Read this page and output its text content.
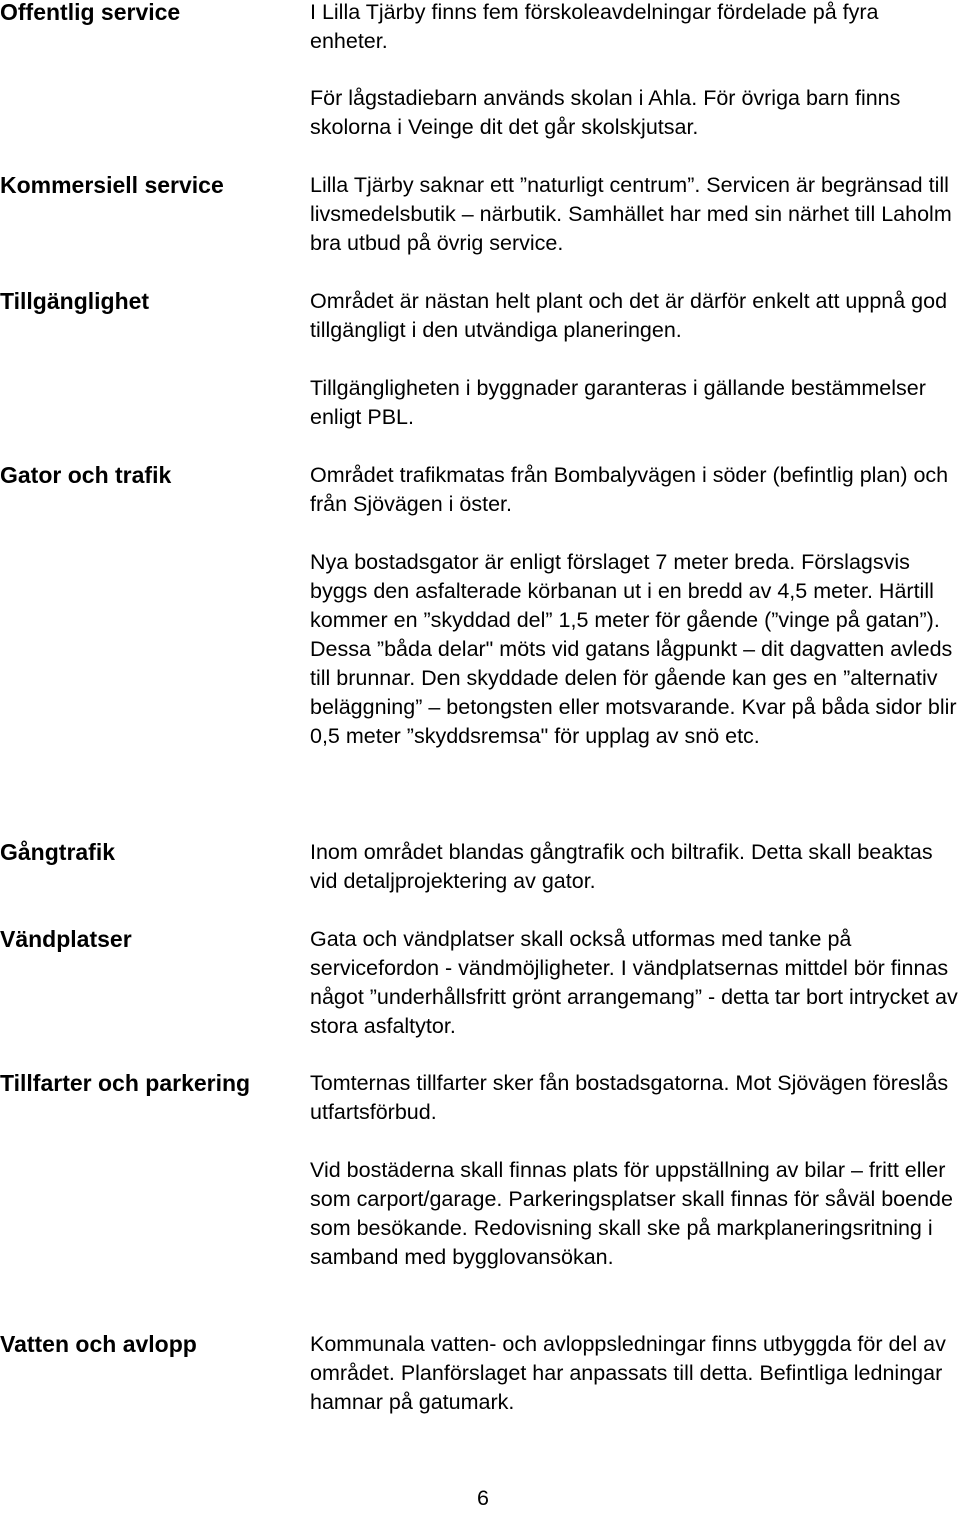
Offentlig service	I Lilla Tjärby finns fem förskoleavdelningar fördelade på fyra enheter.
För lågstadiebarn används skolan i Ahla. För övriga barn finns skolorna i Veinge dit det går skolskjutsar.
Kommersiell service	Lilla Tjärby saknar ett ”naturligt centrum”. Servicen är begränsad till livsmedelsbutik – närbutik. Samhället har med sin närhet till Laholm bra utbud på övrig service.
Tillgänglighet	Området är nästan helt plant och det är därför enkelt att uppnå god tillgängligt i den utvändiga planeringen.
Tillgängligheten i byggnader garanteras i gällande bestämmelser enligt PBL.
Gator och trafik	Området trafikmatas från Bombalyvägen i söder (befintlig plan) och från Sjövägen i öster.
Nya bostadsgator är enligt förslaget 7 meter breda. Förslagsvis byggs den asfalterade körbanan ut i en bredd av 4,5 meter. Härtill kommer en ”skyddad del” 1,5 meter för gående (”vinge på gatan”). Dessa ”båda delar" möts vid gatans lågpunkt – dit dagvatten avleds till brunnar. Den skyddade delen för gående kan ges en ”alternativ beläggning” – betongsten eller motsvarande. Kvar på båda sidor blir 0,5 meter ”skyddsremsa" för upplag av snö etc.
Gångtrafik	Inom området blandas gångtrafik och biltrafik. Detta skall beaktas vid detaljprojektering av gator.
Vändplatser	Gata och vändplatser skall också utformas med tanke på servicefordon - vändmöjligheter. I vändplatsernas mittdel bör finnas något ”underhållsfritt grönt arrangemang” - detta tar bort intrycket av stora asfaltytor.
Tillfarter och parkering	Tomternas tillfarter sker fån bostadsgatorna. Mot Sjövägen föreslås utfartsförbud.
Vid bostäderna skall finnas plats för uppställning av bilar – fritt eller som carport/garage. Parkeringsplatser skall finnas för såväl boende som besökande. Redovisning skall ske på markplaneringsritning i samband med bygglovansökan.
Vatten och avlopp	Kommunala vatten- och avloppsledningar finns utbyggda för del av området. Planförslaget har anpassats till detta. Befintliga ledningar hamnar på gatumark.
6
